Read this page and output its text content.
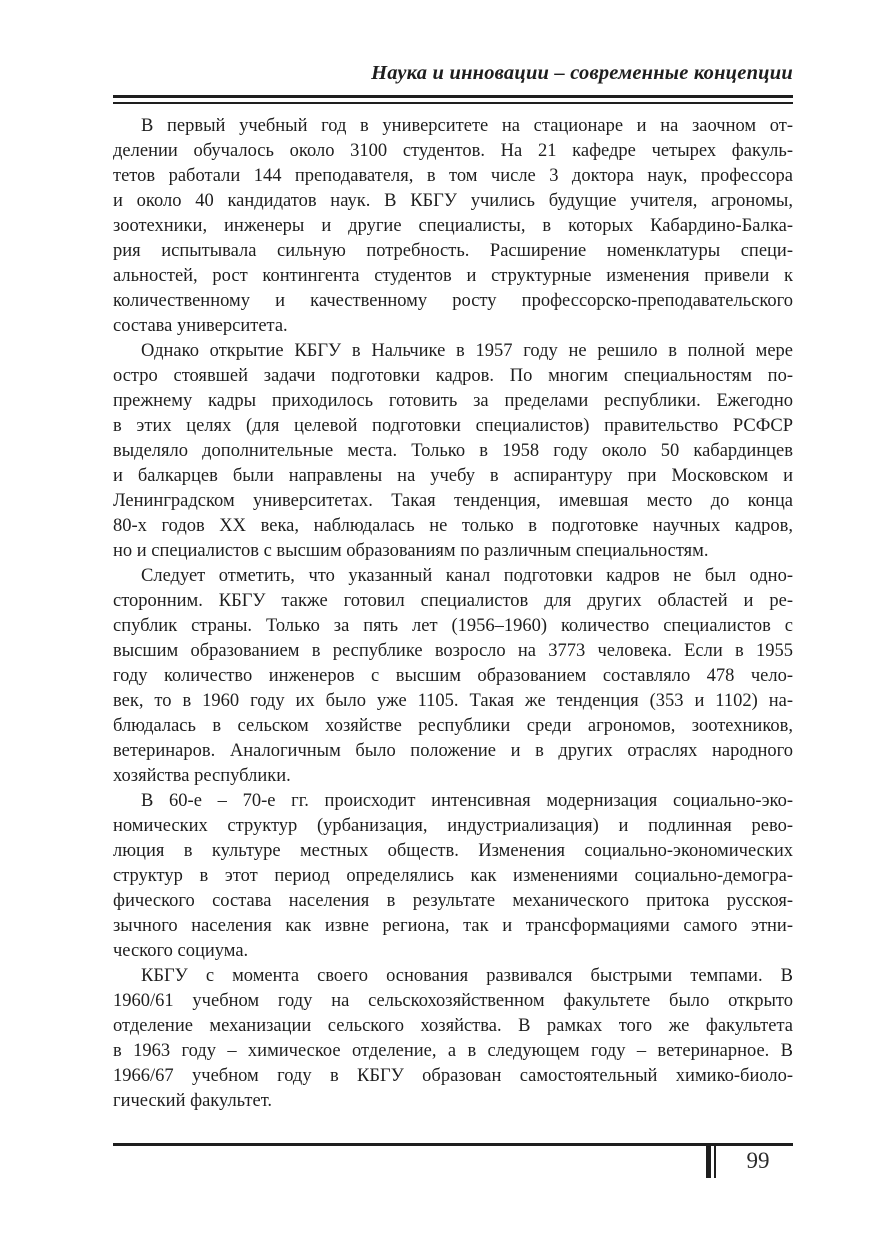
Наука и инновации – современные концепции
В первый учебный год в университете на стационаре и на заочном от-
делении обучалось около 3100 студентов. На 21 кафедре четырех факуль-
тетов работали 144 преподавателя, в том числе 3 доктора наук, профессора
и около 40 кандидатов наук. В КБГУ учились будущие учителя, агрономы,
зоотехники, инженеры и другие специалисты, в которых Кабардино-Балка-
рия испытывала сильную потребность. Расширение номенклатуры специ-
альностей, рост контингента студентов и структурные изменения привели к
количественному и качественному росту профессорско-преподавательского
состава университета.
Однако открытие КБГУ в Нальчике в 1957 году не решило в полной мере
остро стоявшей задачи подготовки кадров. По многим специальностям по-
прежнему кадры приходилось готовить за пределами республики. Ежегодно
в этих целях (для целевой подготовки специалистов) правительство РСФСР
выделяло дополнительные места. Только в 1958 году около 50 кабардинцев
и балкарцев были направлены на учебу в аспирантуру при Московском и
Ленинградском университетах. Такая тенденция, имевшая место до конца
80-х годов XX века, наблюдалась не только в подготовке научных кадров,
но и специалистов с высшим образованиям по различным специальностям.
Следует отметить, что указанный канал подготовки кадров не был одно-
сторонним. КБГУ также готовил специалистов для других областей и ре-
спублик страны. Только за пять лет (1956–1960) количество специалистов с
высшим образованием в республике возросло на 3773 человека. Если в 1955
году количество инженеров с высшим образованием составляло 478 чело-
век, то в 1960 году их было уже 1105. Такая же тенденция (353 и 1102) на-
блюдалась в сельском хозяйстве республики среди агрономов, зоотехников,
ветеринаров. Аналогичным было положение и в других отраслях народного
хозяйства республики.
В 60-е – 70-е гг. происходит интенсивная модернизация социально-эко-
номических структур (урбанизация, индустриализация) и подлинная рево-
люция в культуре местных обществ. Изменения социально-экономических
структур в этот период определялись как изменениями социально-демогра-
фического состава населения в результате механического притока русскоя-
зычного населения как извне региона, так и трансформациями самого этни-
ческого социума.
КБГУ с момента своего основания развивался быстрыми темпами. В
1960/61 учебном году на сельскохозяйственном факультете было открыто
отделение механизации сельского хозяйства. В рамках того же факультета
в 1963 году – химическое отделение, а в следующем году – ветеринарное. В
1966/67 учебном году в КБГУ образован самостоятельный химико-биоло-
гический факультет.
99
